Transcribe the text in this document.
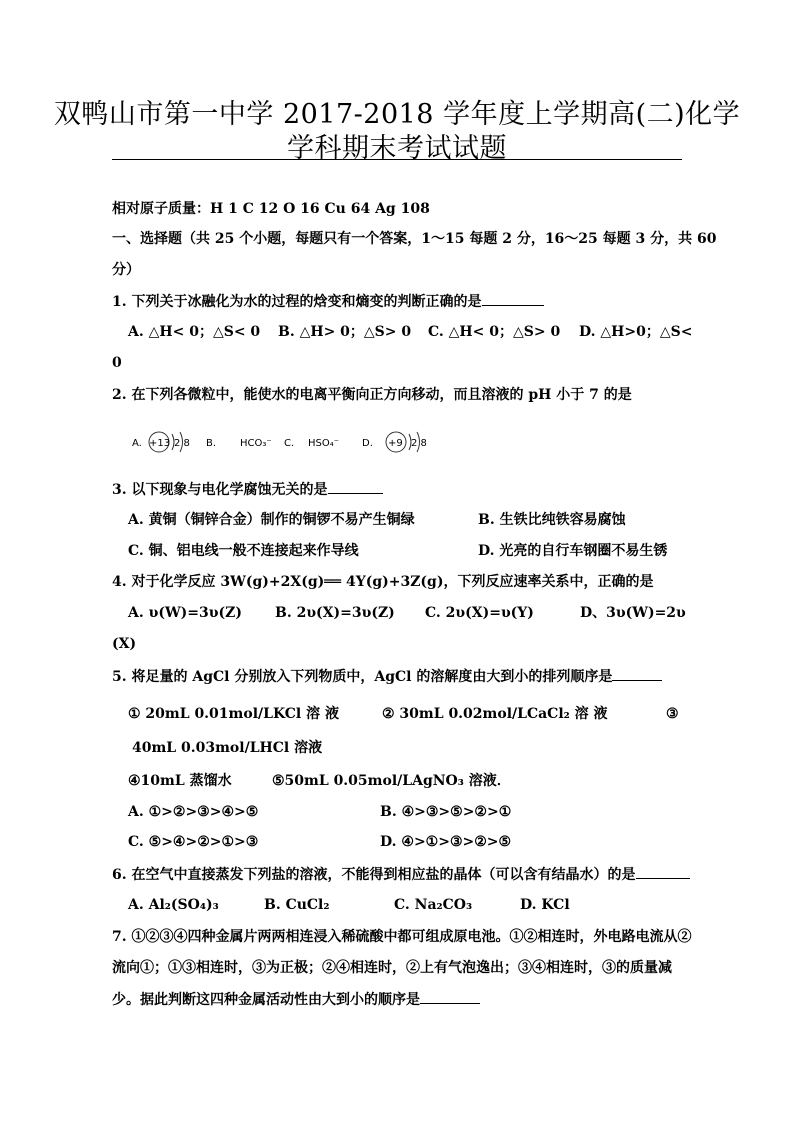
双鸭山市第一中学 2017-2018 学年度上学期高(二)化学
学科期末考试试题
相对原子质量：H 1 C 12 O 16 Cu 64 Ag 108
一、选择题（共 25 个小题，每题只有一个答案，1～15 每题 2 分，16～25 每题 3 分，共 60
分）
1. 下列关于冰融化为水的过程的焓变和熵变的判断正确的是
A. △H< 0；△S< 0 B. △H> 0；△S> 0 C. △H< 0；△S> 0 D. △H>0；△S<
0
2. 在下列各微粒中，能使水的电离平衡向正方向移动，而且溶液的 pH 小于 7 的是
A. +13 2 8 B. HCO₃⁻ C. HSO₄⁻ D. +9 2 8
3. 以下现象与电化学腐蚀无关的是
A. 黄铜（铜锌合金）制作的铜锣不易产生铜绿	B. 生铁比纯铁容易腐蚀
C. 铜、铝电线一般不连接起来作导线	D. 光亮的自行车钢圈不易生锈
4. 对于化学反应 3W(g)+2X(g)══ 4Y(g)+3Z(g)，下列反应速率关系中，正确的是
A. υ(W)=3υ(Z) B. 2υ(X)=3υ(Z) C. 2υ(X)=υ(Y)	D、3υ(W)=2υ
(X)
5. 将足量的 AgCl 分别放入下列物质中，AgCl 的溶解度由大到小的排列顺序是
① 20mL 0.01mol/LKCl 溶 液	② 30mL 0.02mol/LCaCl₂ 溶 液	③
40mL 0.03mol/LHCl 溶液
④10mL 蒸馏水	⑤50mL 0.05mol/LAgNO₃ 溶液．
A. ①>②>③>④>⑤	B. ④>③>⑤>②>①
C. ⑤>④>②>①>③	D. ④>①>③>②>⑤
6. 在空气中直接蒸发下列盐的溶液，不能得到相应盐的晶体（可以含有结晶水）的是
A. Al₂(SO₄)₃	B. CuCl₂	C. Na₂CO₃	D. KCl
7. ①②③④四种金属片两两相连浸入稀硫酸中都可组成原电池。①②相连时，外电路电流从②
流向①；①③相连时，③为正极；②④相连时，②上有气泡逸出；③④相连时，③的质量减
少。据此判断这四种金属活动性由大到小的顺序是
